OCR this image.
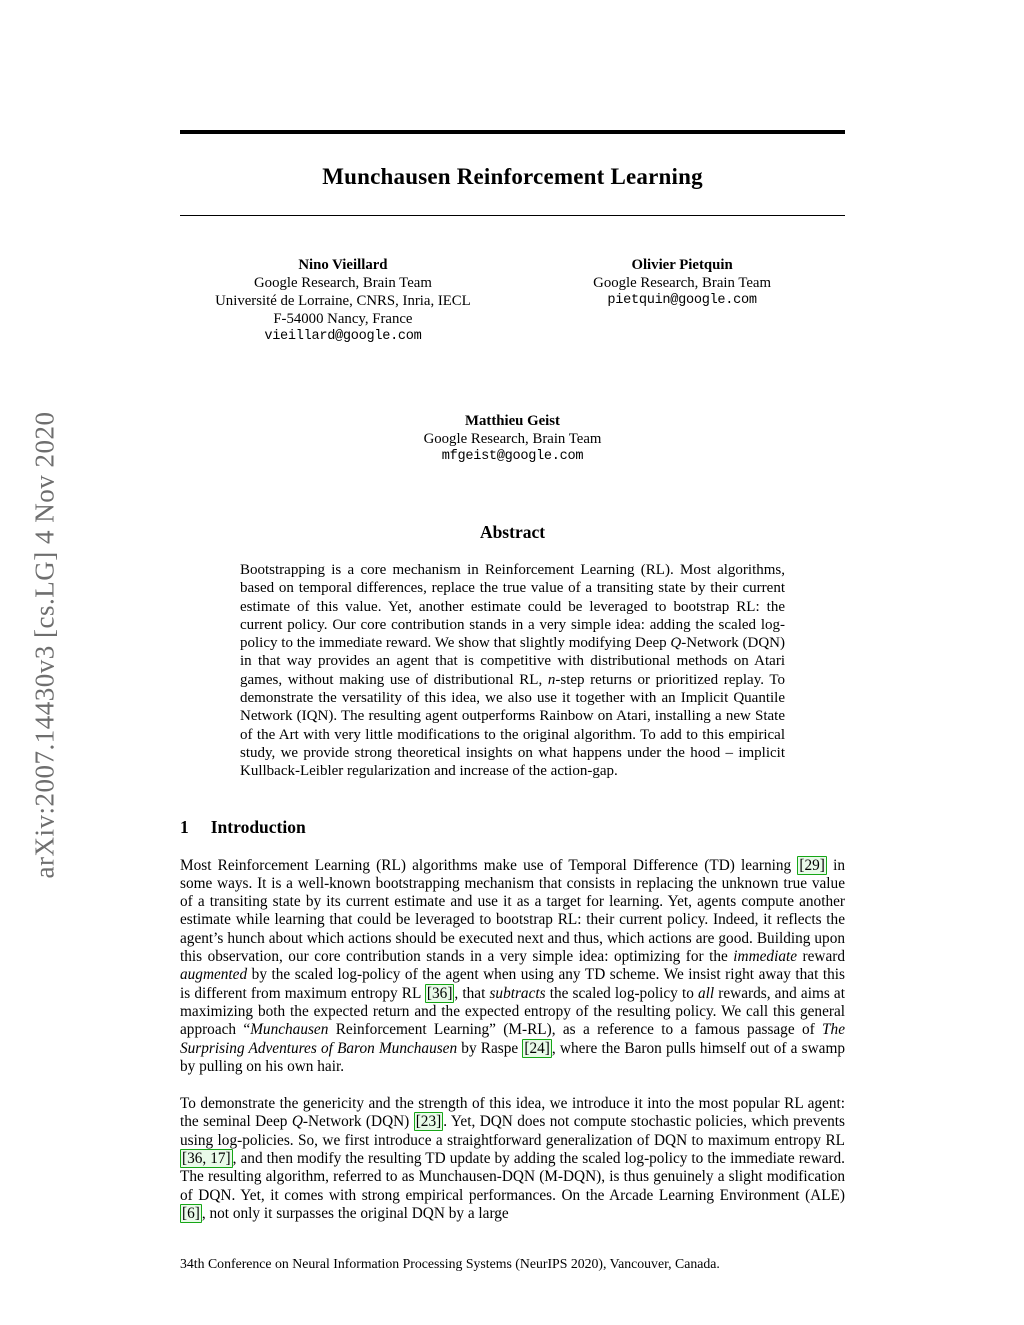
arXiv:2007.14430v3 [cs.LG] 4 Nov 2020
Munchausen Reinforcement Learning
Nino Vieillard
Google Research, Brain Team
Université de Lorraine, CNRS, Inria, IECL
F-54000 Nancy, France
vieillard@google.com
Olivier Pietquin
Google Research, Brain Team
pietquin@google.com
Matthieu Geist
Google Research, Brain Team
mfgeist@google.com
Abstract
Bootstrapping is a core mechanism in Reinforcement Learning (RL). Most algorithms, based on temporal differences, replace the true value of a transiting state by their current estimate of this value. Yet, another estimate could be leveraged to bootstrap RL: the current policy. Our core contribution stands in a very simple idea: adding the scaled log-policy to the immediate reward. We show that slightly modifying Deep Q-Network (DQN) in that way provides an agent that is competitive with distributional methods on Atari games, without making use of distributional RL, n-step returns or prioritized replay. To demonstrate the versatility of this idea, we also use it together with an Implicit Quantile Network (IQN). The resulting agent outperforms Rainbow on Atari, installing a new State of the Art with very little modifications to the original algorithm. To add to this empirical study, we provide strong theoretical insights on what happens under the hood – implicit Kullback-Leibler regularization and increase of the action-gap.
1 Introduction

Most Reinforcement Learning (RL) algorithms make use of Temporal Difference (TD) learning [29] in some ways. It is a well-known bootstrapping mechanism that consists in replacing the unknown true value of a transiting state by its current estimate and use it as a target for learning. Yet, agents compute another estimate while learning that could be leveraged to bootstrap RL: their current policy. Indeed, it reflects the agent’s hunch about which actions should be executed next and thus, which actions are good. Building upon this observation, our core contribution stands in a very simple idea: optimizing for the immediate reward augmented by the scaled log-policy of the agent when using any TD scheme. We insist right away that this is different from maximum entropy RL [36] , that subtracts the scaled log-policy to all rewards, and aims at maximizing both the expected return and the expected entropy of the resulting policy. We call this general approach “Munchausen Reinforcement Learning” (M-RL), as a reference to a famous passage of The Surprising Adventures of Baron Munchausen by Raspe [24] , where the Baron pulls himself out of a swamp by pulling on his own hair.

To demonstrate the genericity and the strength of this idea, we introduce it into the most popular RL agent: the seminal Deep Q-Network (DQN) [23] . Yet, DQN does not compute stochastic policies, which prevents using log-policies. So, we first introduce a straightforward generalization of DQN to maximum entropy RL [36, 17] , and then modify the resulting TD update by adding the scaled log-policy to the immediate reward. The resulting algorithm, referred to as Munchausen-DQN (M-DQN), is thus genuinely a slight modification of DQN. Yet, it comes with strong empirical performances. On the Arcade Learning Environment (ALE) [6] , not only it surpasses the original DQN by a large

34th Conference on Neural Information Processing Systems (NeurIPS 2020), Vancouver, Canada.
